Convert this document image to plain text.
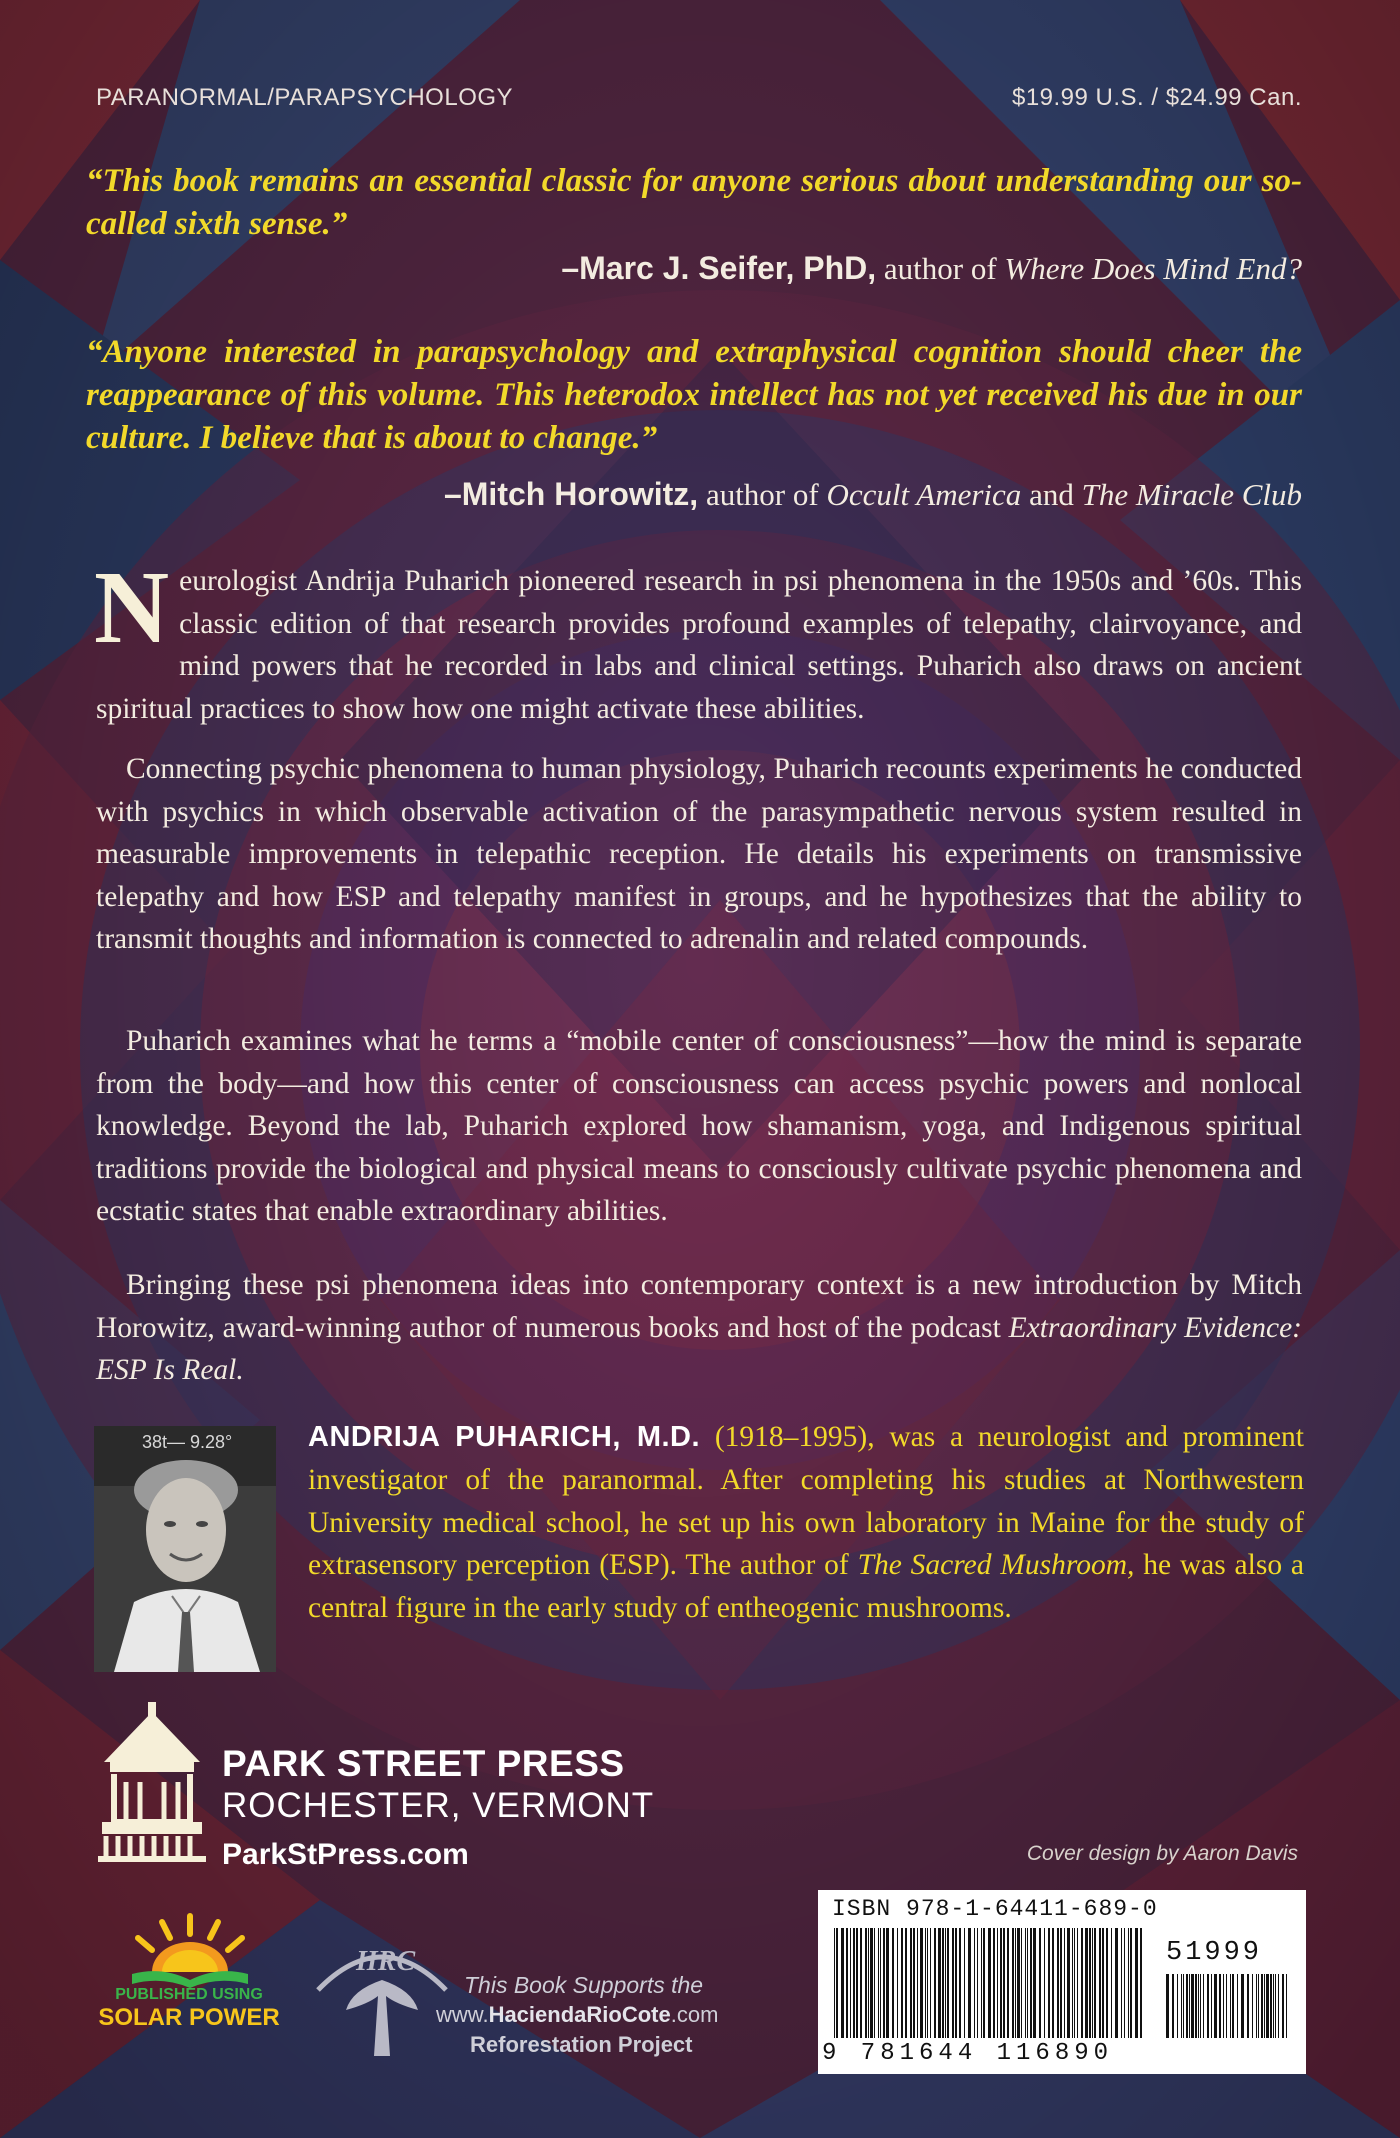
PARANORMAL/PARAPSYCHOLOGY	$19.99 U.S. / $24.99 Can.
“This book remains an essential classic for anyone serious about understanding our so-called sixth sense.”
–Marc J. Seifer, PhD, author of Where Does Mind End?
“Anyone interested in parapsychology and extraphysical cognition should cheer the reappearance of this volume. This heterodox intellect has not yet received his due in our culture. I believe that is about to change.”
–Mitch Horowitz, author of Occult America and The Miracle Club

Neurologist Andrija Puharich pioneered research in psi phenomena in the 1950s and ’60s. This classic edition of that research provides profound examples of telepathy, clairvoyance, and mind powers that he recorded in labs and clinical settings. Puharich also draws on ancient spiritual practices to show how one might activate these abilities.

Connecting psychic phenomena to human physiology, Puharich recounts experiments he conducted with psychics in which observable activation of the parasympathetic nervous system resulted in measurable improvements in telepathic reception. He details his experiments on transmissive telepathy and how ESP and telepathy manifest in groups, and he hypothesizes that the ability to transmit thoughts and information is connected to adrenalin and related compounds.

Puharich examines what he terms a “mobile center of consciousness”—how the mind is separate from the body—and how this center of consciousness can access psychic powers and nonlocal knowledge. Beyond the lab, Puharich explored how shamanism, yoga, and Indigenous spiritual traditions provide the biological and physical means to consciously cultivate psychic phenomena and ecstatic states that enable extraordinary abilities.

Bringing these psi phenomena ideas into contemporary context is a new introduction by Mitch Horowitz, award-winning author of numerous books and host of the podcast Extraordinary Evidence: ESP Is Real.

38t— 9.28°	ANDRIJA PUHARICH, M.D. (1918–1995), was a neurologist and prominent investigator of the paranormal. After completing his studies at Northwestern University medical school, he set up his own laboratory in Maine for the study of extrasensory perception (ESP). The author of The Sacred Mushroom, he was also a central figure in the early study of entheogenic mushrooms.

PARK STREET PRESS
ROCHESTER, VERMONT
ParkStPress.com	Cover design by Aaron Davis
PUBLISHED USING
SOLAR POWER
HRC
This Book Supports the
www.HaciendaRioCote.com
Reforestation Project
ISBN 978-1-64411-689-0
51999
9 781644 116890
